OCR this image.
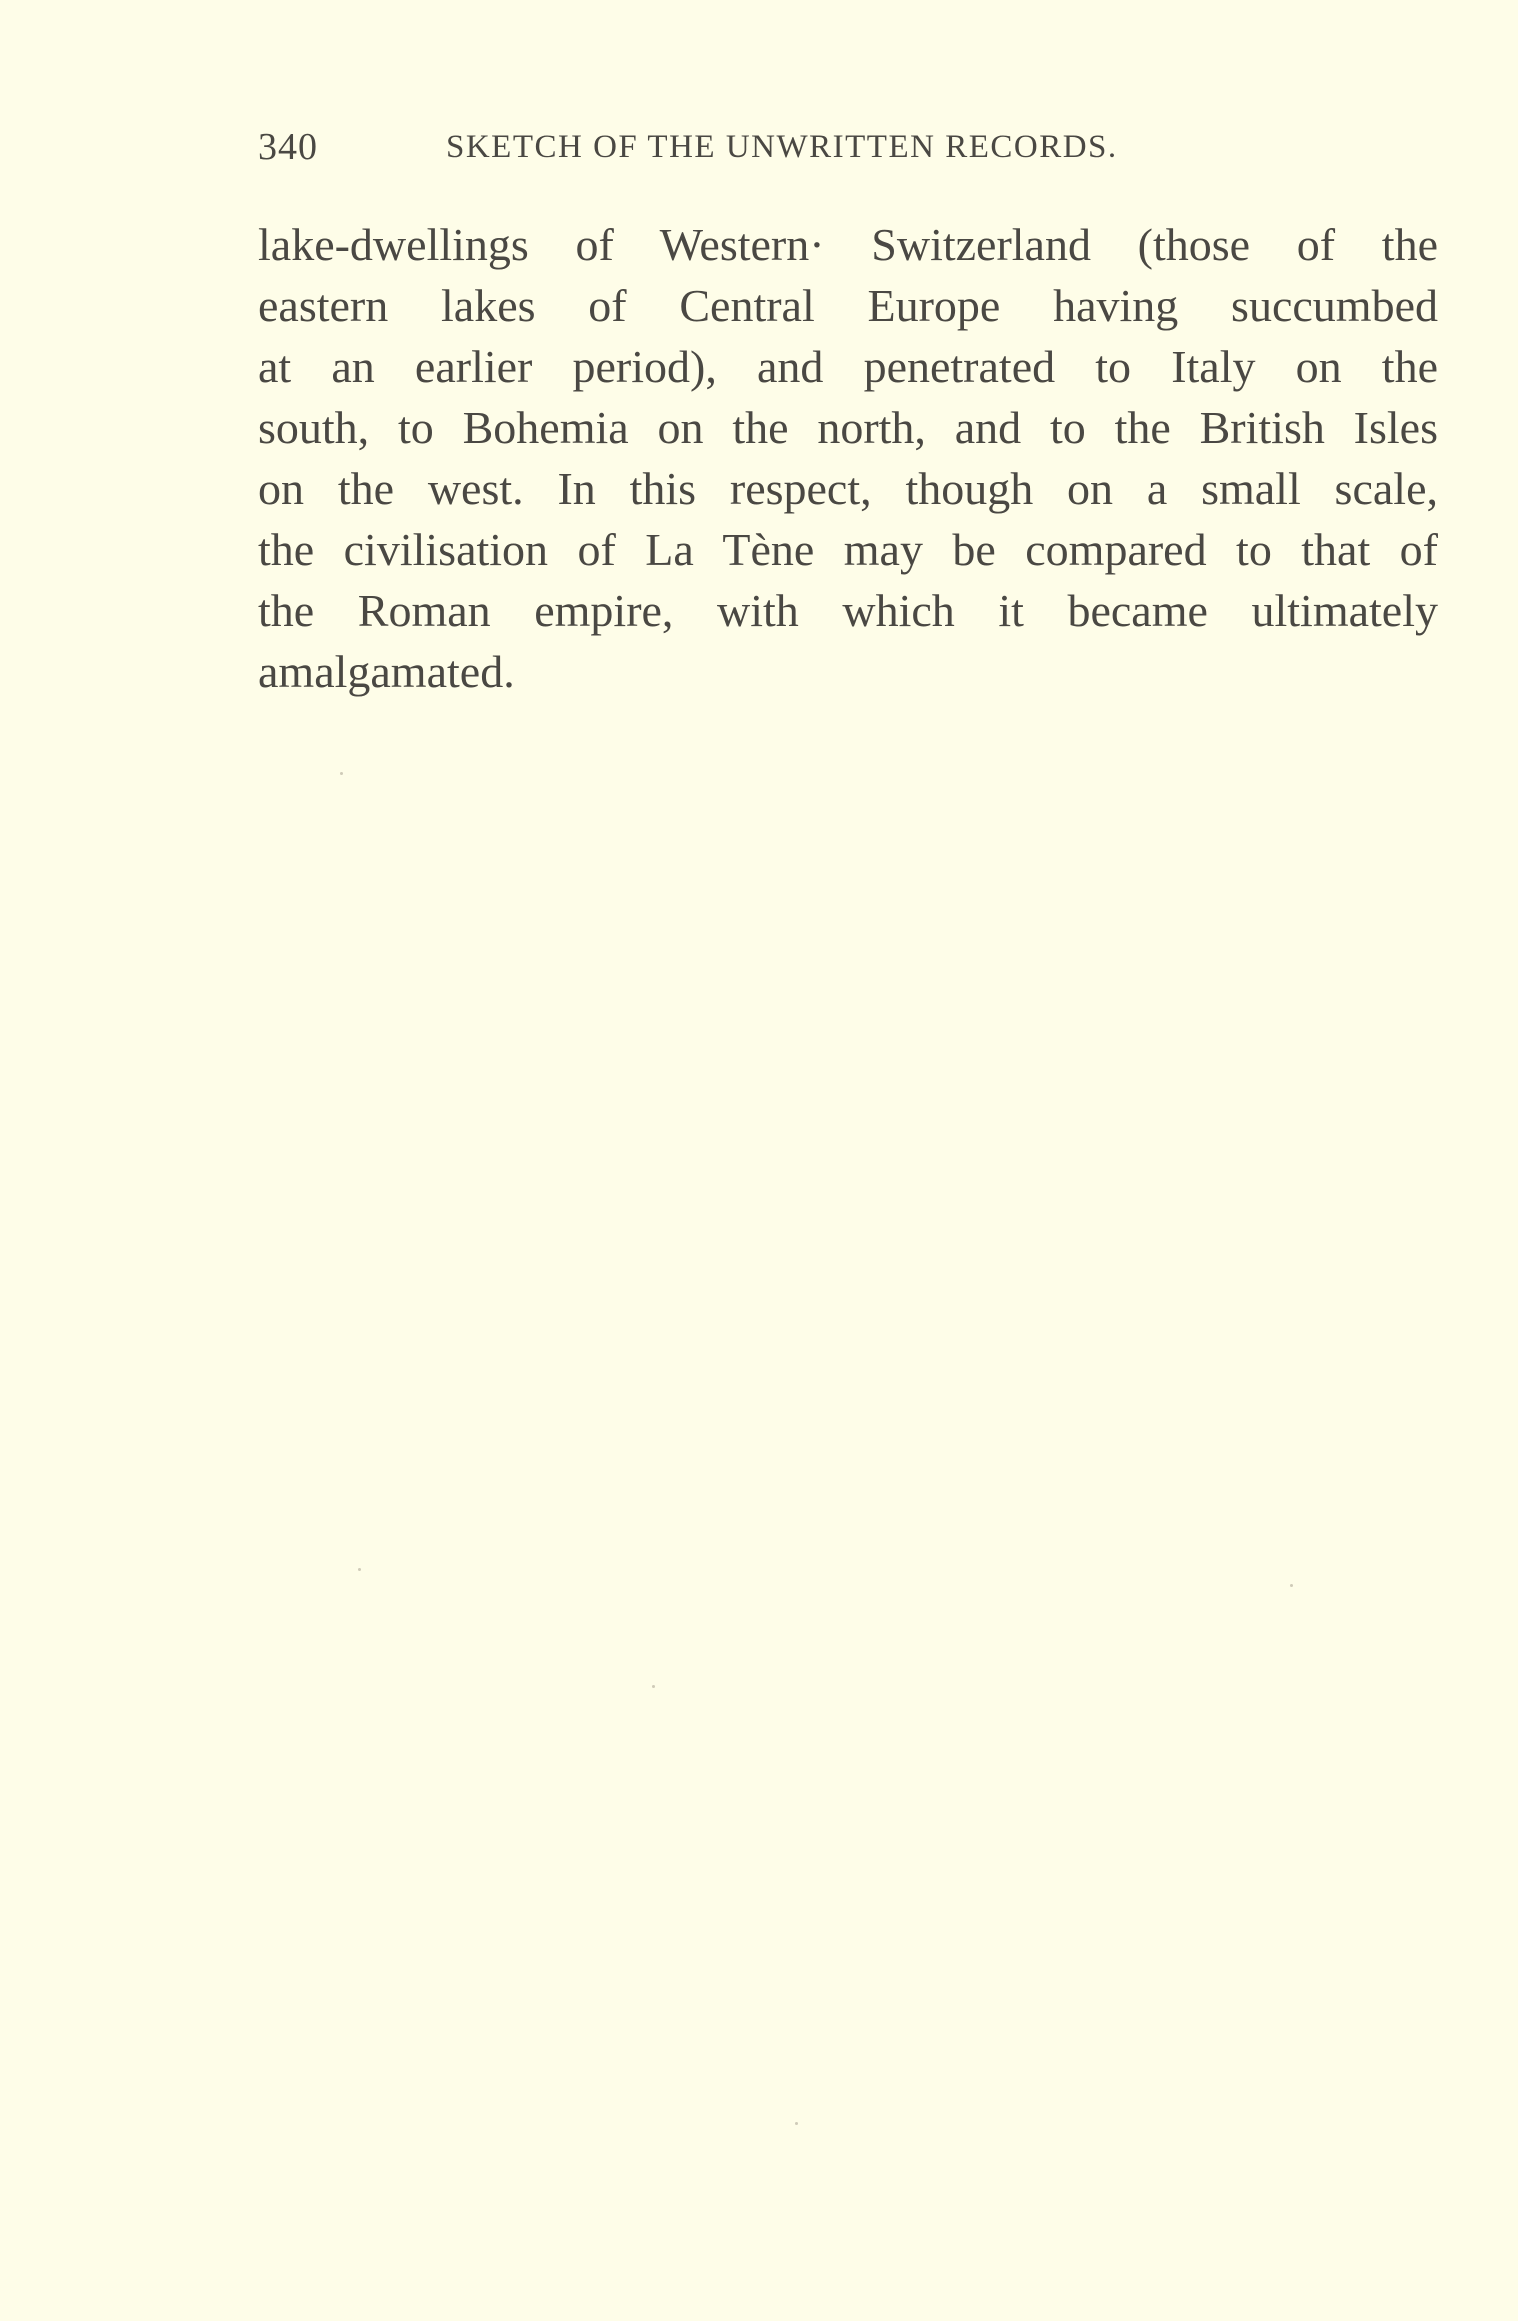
340	SKETCH OF THE UNWRITTEN RECORDS.
lake-dwellings of Western· Switzerland (those of the
eastern lakes of Central Europe having succumbed
at an earlier period), and penetrated to Italy on the
south, to Bohemia on the north, and to the British Isles
on the west. In this respect, though on a small scale,
the civilisation of La Tène may be compared to that of
the Roman empire, with which it became ultimately
amalgamated.
